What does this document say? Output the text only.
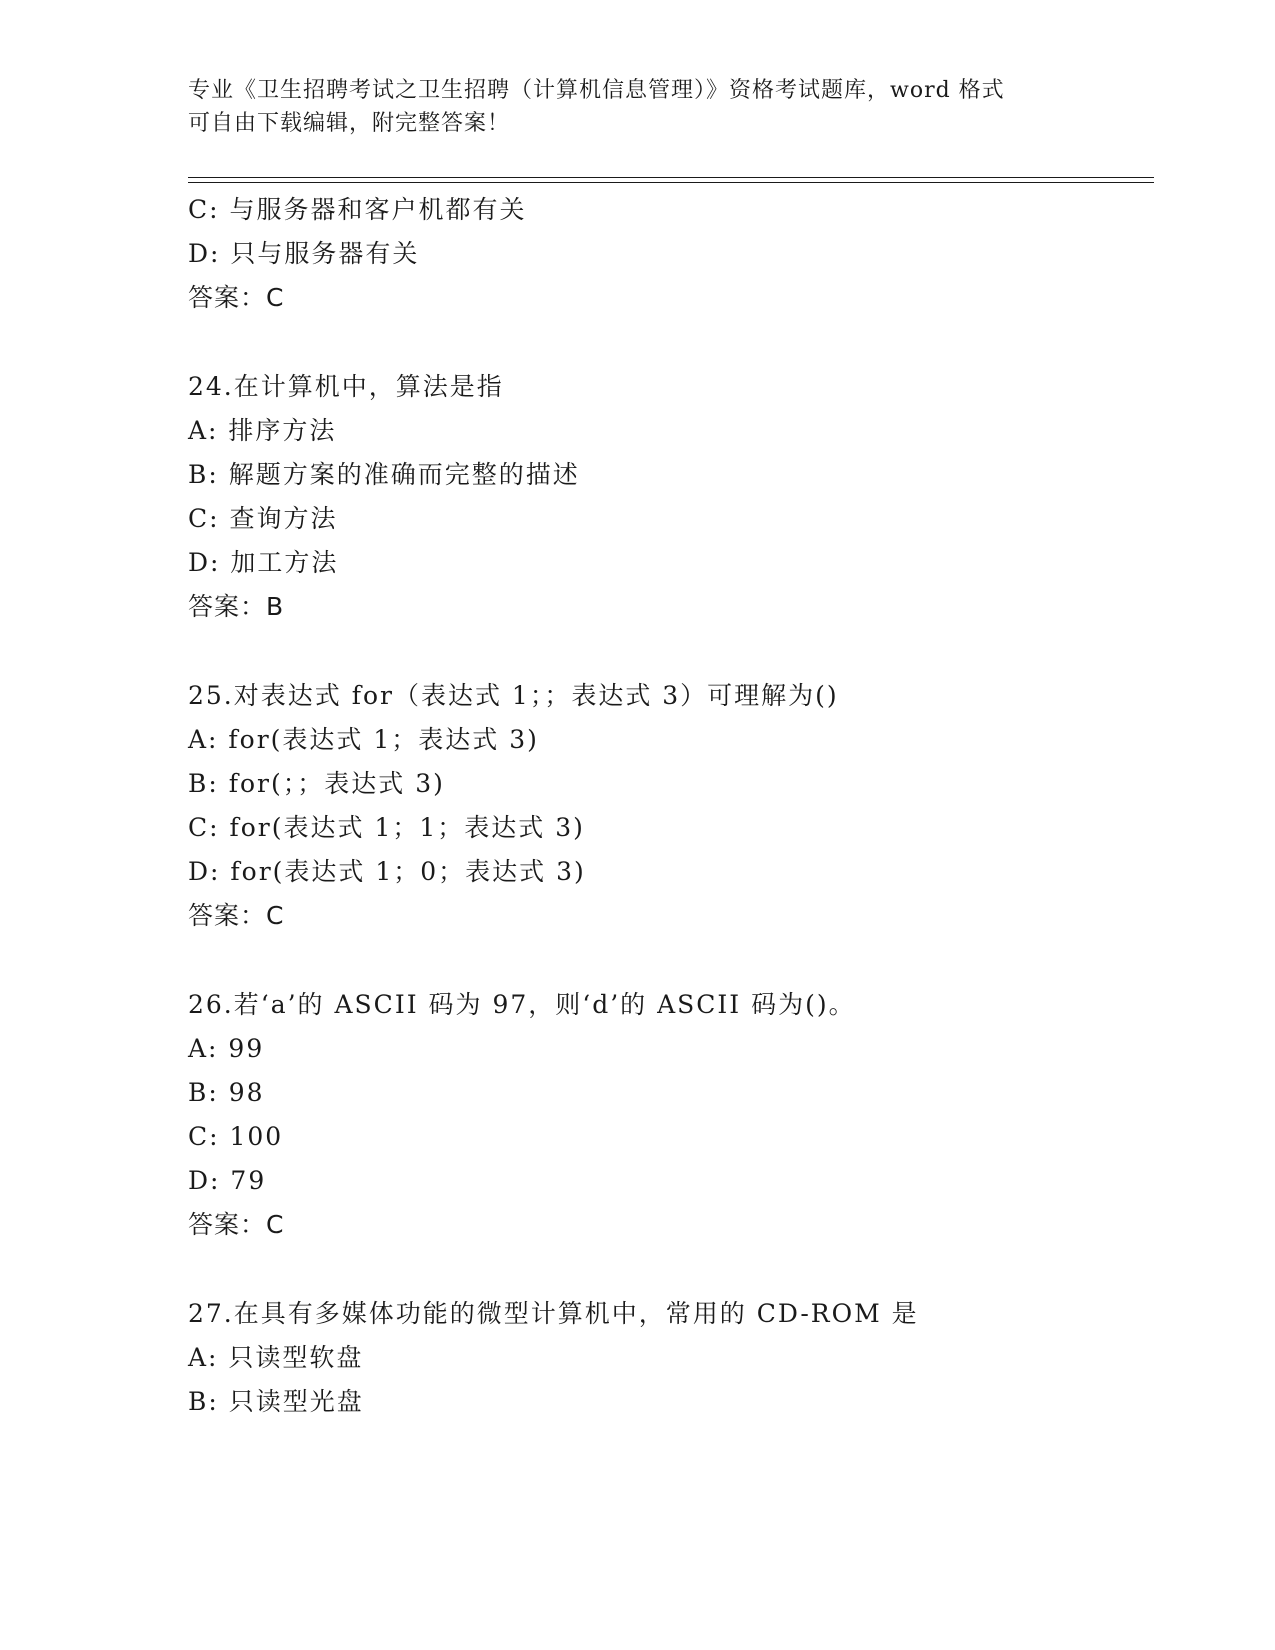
专业《卫生招聘考试之卫生招聘（计算机信息管理）》资格考试题库，word 格式
可自由下载编辑，附完整答案！
C: 与服务器和客户机都有关
D: 只与服务器有关
答案：C
24.在计算机中，算法是指
A: 排序方法
B: 解题方案的准确而完整的描述
C: 查询方法
D: 加工方法
答案：B
25.对表达式 for（表达式 1；；表达式 3）可理解为()
A: for(表达式 1；表达式 3)
B: for(；；表达式 3)
C: for(表达式 1；1；表达式 3)
D: for(表达式 1；0；表达式 3)
答案：C
26.若‘a’的 ASCII 码为 97，则‘d’的 ASCII 码为()。
A: 99
B: 98
C: 100
D: 79
答案：C
27.在具有多媒体功能的微型计算机中，常用的 CD-ROM 是
A: 只读型软盘
B: 只读型光盘
